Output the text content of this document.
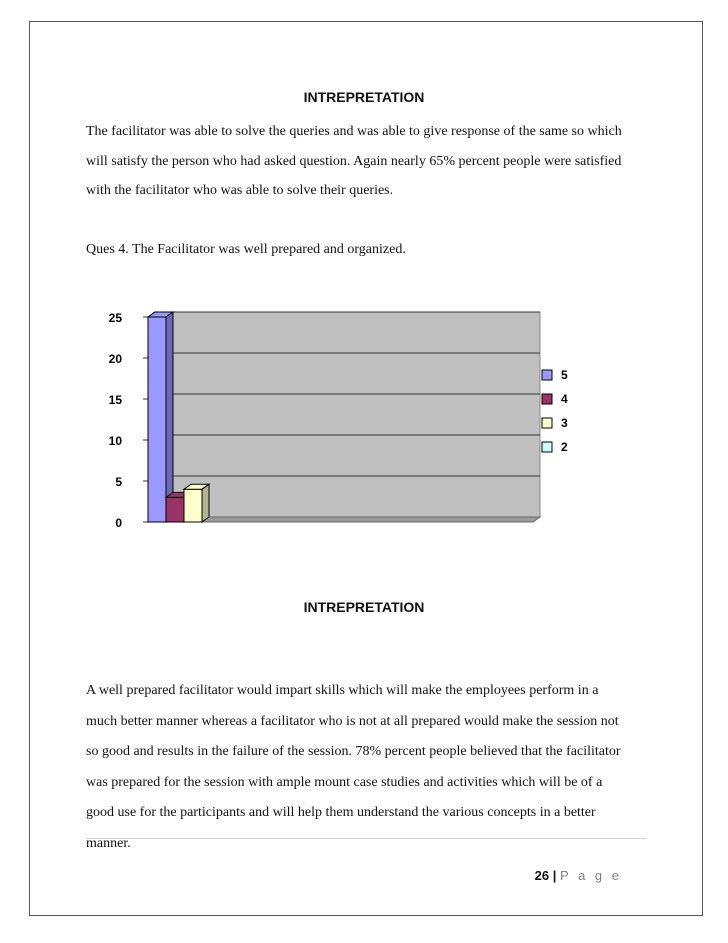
INTREPRETATION
The facilitator was able to solve the queries and was able to give response of the same so which
will satisfy the person who had asked question. Again nearly 65% percent people were satisfied
with the facilitator who was able to solve their queries.

Ques 4. The Facilitator was well prepared and organized.

0
5
10
15
20
25
5
4
3
2
INTREPRETATION
A well prepared facilitator would impart skills which will make the employees perform in a
much better manner whereas a facilitator who is not at all prepared would make the session not
so good and results in the failure of the session. 78% percent people believed that the facilitator
was prepared for the session with ample mount case studies and activities which will be of a
good use for the participants and will help them understand the various concepts in a better
manner.
26 | P a g e
